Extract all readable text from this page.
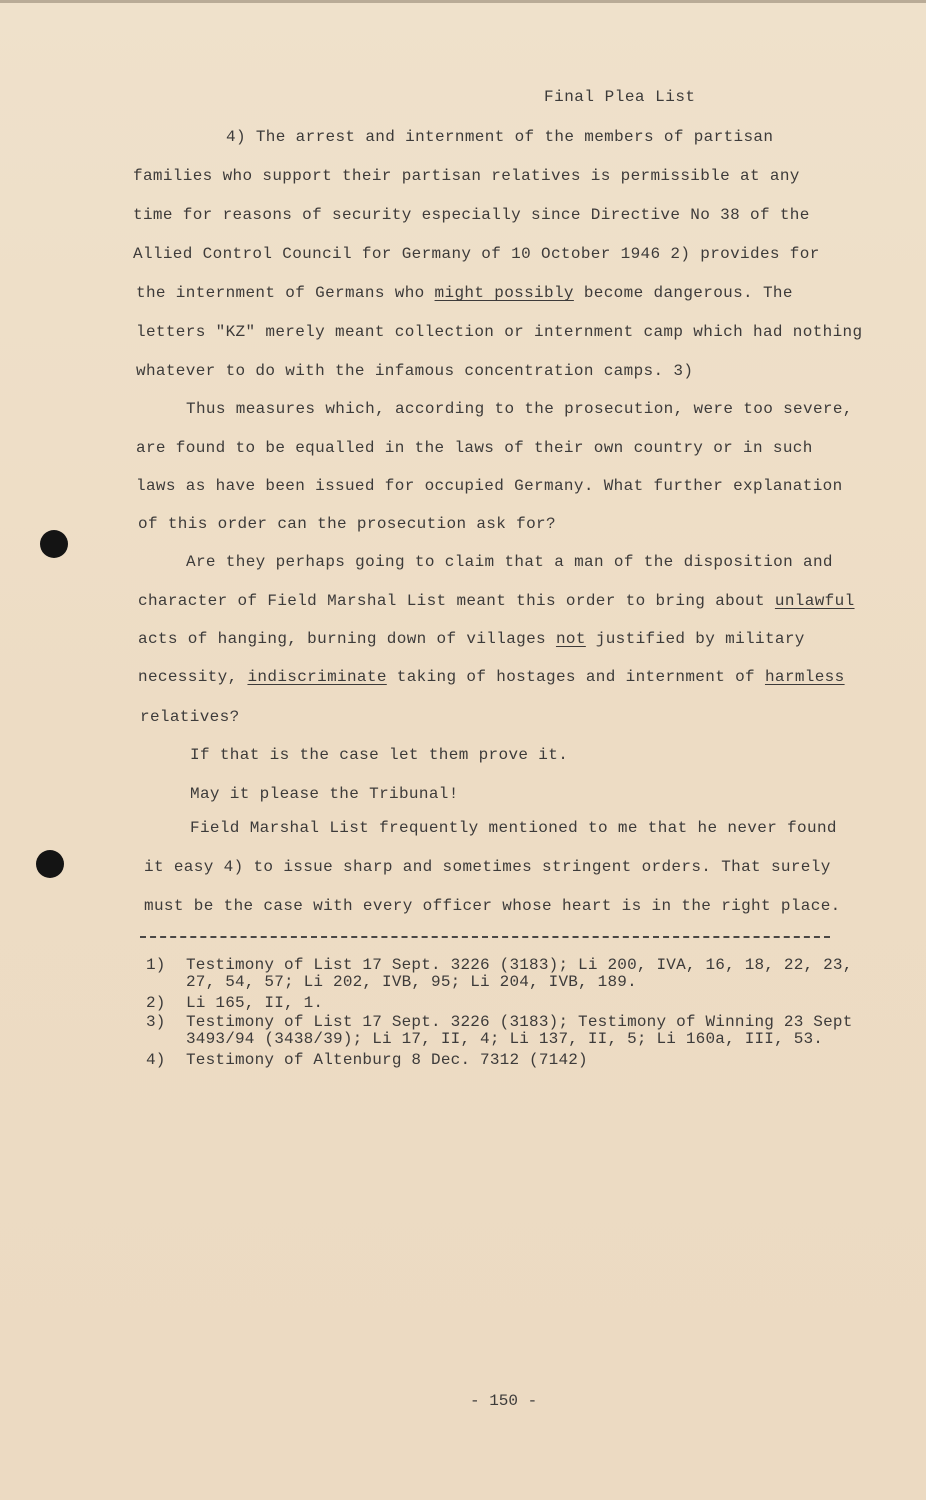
Final Plea List
4) The arrest and internment of the members of partisan
families who support their partisan relatives is permissible at any
time for reasons of security especially since Directive No 38 of the
Allied Control Council for Germany of 10 October 1946 2) provides for
the internment of Germans who might possibly become dangerous. The
letters "KZ" merely meant collection or internment camp which had nothing
whatever to do with the infamous concentration camps. 3)
Thus measures which, according to the prosecution, were too severe,
are found to be equalled in the laws of their own country or in such
laws as have been issued for occupied Germany. What further explanation
of this order can the prosecution ask for?
Are they perhaps going to claim that a man of the disposition and
character of Field Marshal List meant this order to bring about unlawful
acts of hanging, burning down of villages not justified by military
necessity, indiscriminate taking of hostages and internment of harmless
relatives?
If that is the case let them prove it.
May it please the Tribunal!
Field Marshal List frequently mentioned to me that he never found
it easy 4) to issue sharp and sometimes stringent orders. That surely
must be the case with every officer whose heart is in the right place.
1) Testimony of List 17 Sept. 3226 (3183); Li 200, IVA, 16, 18, 22, 23,
27, 54, 57; Li 202, IVB, 95; Li 204, IVB, 189.
2) Li 165, II, 1.
3) Testimony of List 17 Sept. 3226 (3183); Testimony of Winning 23 Sept
3493/94 (3438/39); Li 17, II, 4; Li 137, II, 5; Li 160a, III, 53.
4) Testimony of Altenburg 8 Dec. 7312 (7142)
- 150 -
